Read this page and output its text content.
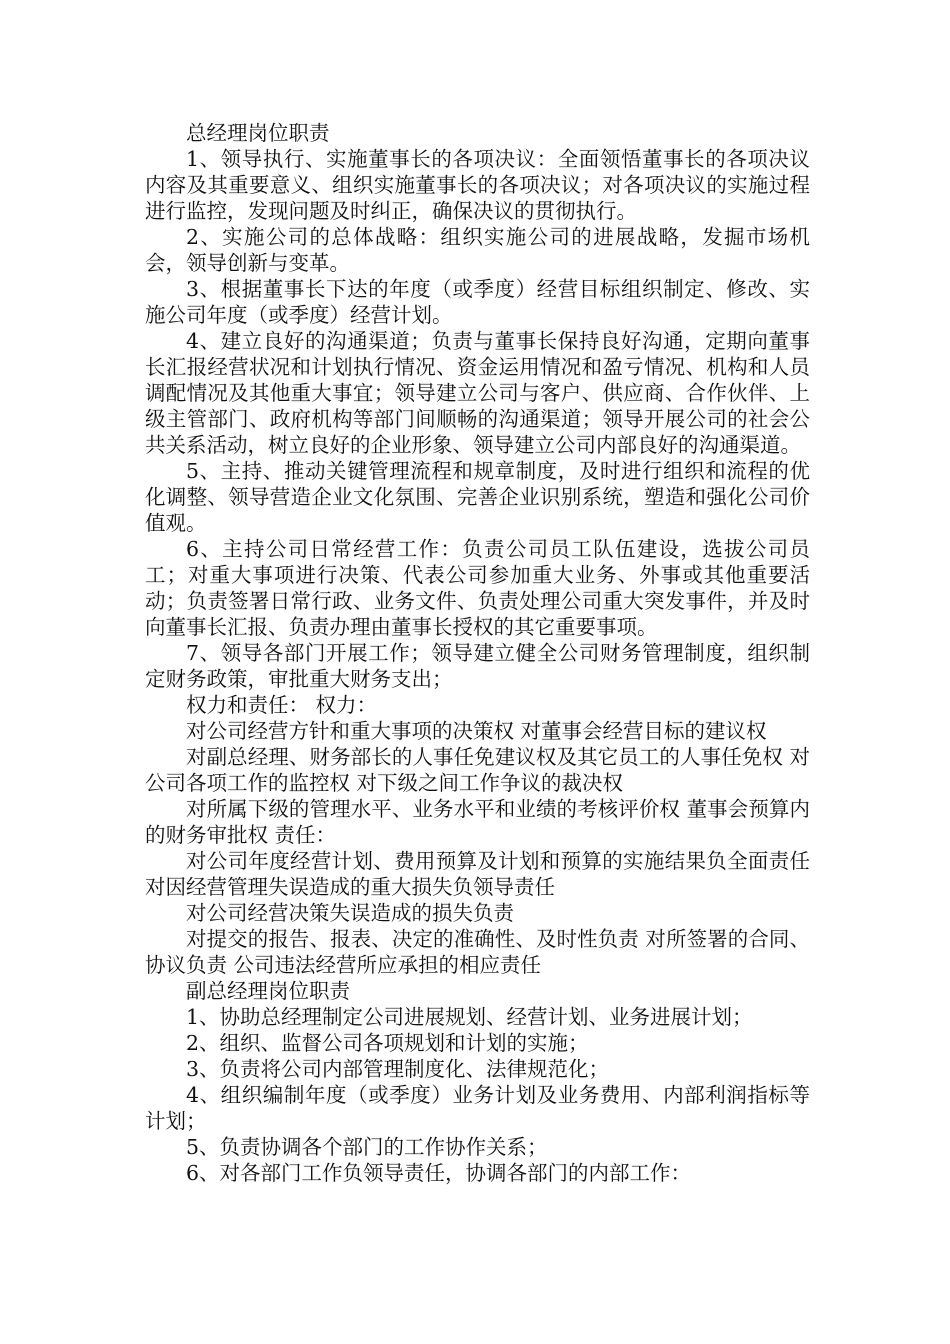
总经理岗位职责

1、领导执行、实施董事长的各项决议：全面领悟董事长的各项决议内容及其重要意义、组织实施董事长的各项决议；对各项决议的实施过程进行监控，发现问题及时纠正，确保决议的贯彻执行。

2、实施公司的总体战略：组织实施公司的进展战略，发掘市场机会，领导创新与变革。

3、根据董事长下达的年度（或季度）经营目标组织制定、修改、实施公司年度（或季度）经营计划。

4、建立良好的沟通渠道；负责与董事长保持良好沟通，定期向董事长汇报经营状况和计划执行情况、资金运用情况和盈亏情况、机构和人员调配情况及其他重大事宜；领导建立公司与客户、供应商、合作伙伴、上级主管部门、政府机构等部门间顺畅的沟通渠道；领导开展公司的社会公共关系活动，树立良好的企业形象、领导建立公司内部良好的沟通渠道。

5、主持、推动关键管理流程和规章制度，及时进行组织和流程的优化调整、领导营造企业文化氛围、完善企业识别系统，塑造和强化公司价值观。

6、主持公司日常经营工作：负责公司员工队伍建设，选拔公司员工；对重大事项进行决策、代表公司参加重大业务、外事或其他重要活动；负责签署日常行政、业务文件、负责处理公司重大突发事件，并及时向董事长汇报、负责办理由董事长授权的其它重要事项。

7、领导各部门开展工作；领导建立健全公司财务管理制度，组织制定财务政策，审批重大财务支出；

权力和责任： 权力：

对公司经营方针和重大事项的决策权 对董事会经营目标的建议权

对副总经理、财务部长的人事任免建议权及其它员工的人事任免权 对公司各项工作的监控权 对下级之间工作争议的裁决权

对所属下级的管理水平、业务水平和业绩的考核评价权 董事会预算内的财务审批权 责任：

对公司年度经营计划、费用预算及计划和预算的实施结果负全面责任 对因经营管理失误造成的重大损失负领导责任

对公司经营决策失误造成的损失负责

对提交的报告、报表、决定的准确性、及时性负责 对所签署的合同、协议负责 公司违法经营所应承担的相应责任

副总经理岗位职责

1、协助总经理制定公司进展规划、经营计划、业务进展计划；

2、组织、监督公司各项规划和计划的实施；

3、负责将公司内部管理制度化、法律规范化；

4、组织编制年度（或季度）业务计划及业务费用、内部利润指标等计划；

5、负责协调各个部门的工作协作关系；

6、对各部门工作负领导责任，协调各部门的内部工作：
